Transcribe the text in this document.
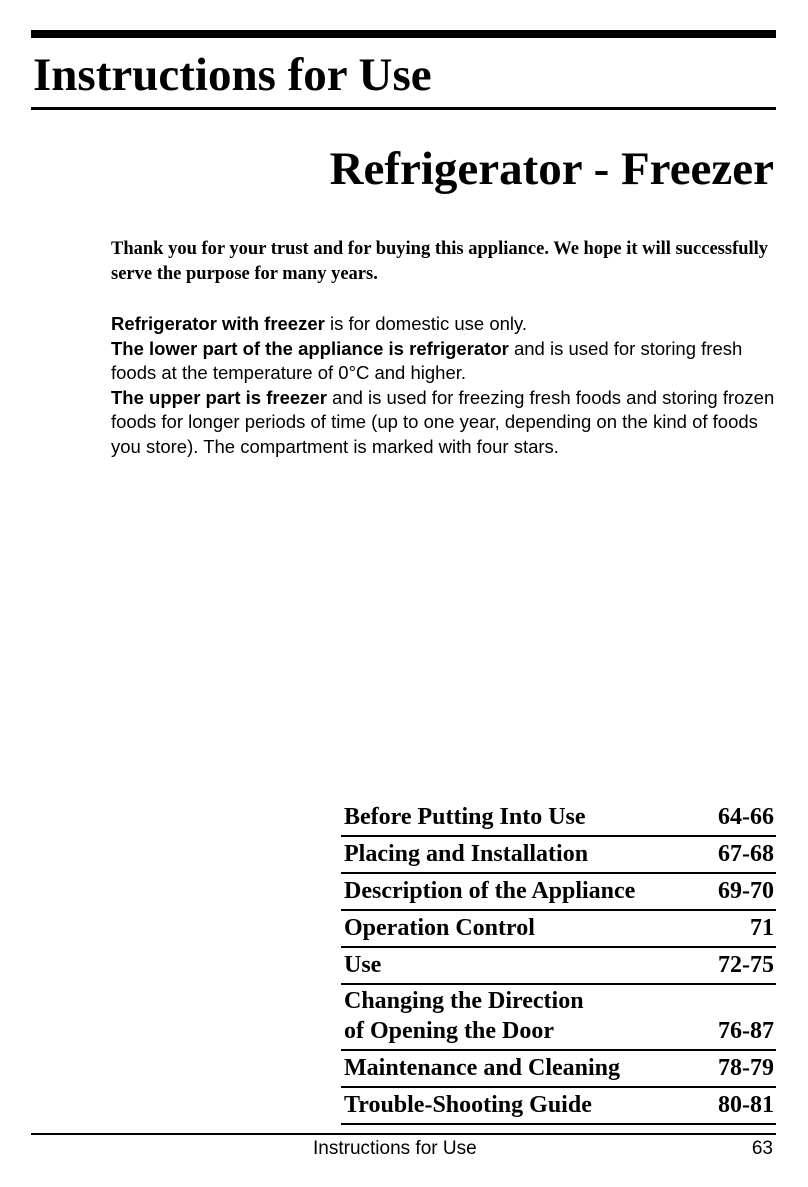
Instructions for Use
Refrigerator - Freezer

Thank you for your trust and for buying this appliance. We hope it will successfully serve the purpose for many years.

Refrigerator with freezer is for domestic use only.

The lower part of the appliance is refrigerator and is used for storing fresh foods at the temperature of 0°C and higher.

The upper part is freezer and is used for freezing fresh foods and storing frozen foods for longer periods of time (up to one year, depending on the kind of foods you store). The compartment is marked with four stars.

Before Putting Into Use	64-66
Placing and Installation	67-68
Description of the Appliance	69-70
Operation Control	71
Use	72-75
Changing the Direction
of Opening the Door	76-87
Maintenance and Cleaning	78-79
Trouble-Shooting Guide	80-81
Instructions for Use	63
